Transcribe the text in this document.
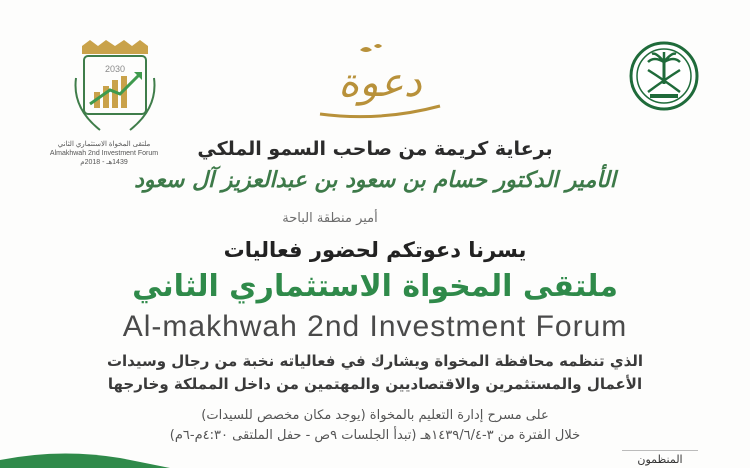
2030
ملتقى المخواة الاستثماري الثاني
Almakhwah 2nd Investment Forum
1439هـ - 2018م
دعوة
برعاية كريمة من صاحب السمو الملكي
الأمير الدكتور حسام بن سعود بن عبدالعزيز آل سعود
أمير منطقة الباحة
يسرنا دعوتكم لحضور فعاليات
ملتقى المخواة الاستثماري الثاني
Al-makhwah 2nd Investment Forum
الذي تنظمه محافظة المخواة ويشارك في فعالياته نخبة من رجال وسيدات
الأعمال والمستثمرين والاقتصاديين والمهتمين من داخل المملكة وخارجها
على مسرح إدارة التعليم بالمخواة (يوجد مكان مخصص للسيدات)
خلال الفترة من ٣-١٤٣٩/٦/٤هـ (تبدأ الجلسات ٩ص - حفل الملتقى ٤:٣٠م-٦م)
المنظمون
